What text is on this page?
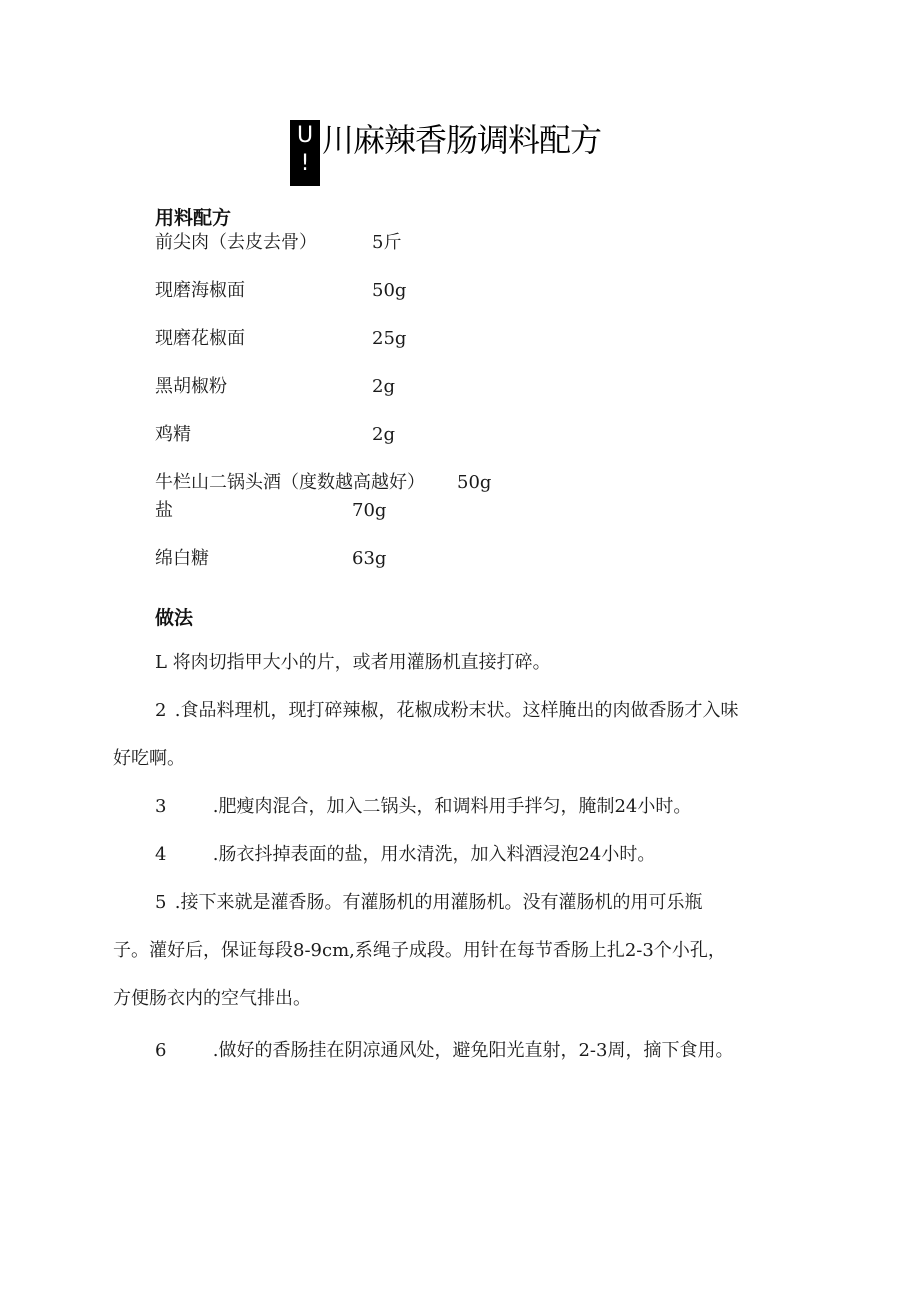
U
!
川麻辣香肠调料配方
用料配方
前尖肉（去皮去骨）	5斤
现磨海椒面	50g
现磨花椒面	25g
黑胡椒粉	2g
鸡精	2g
牛栏山二锅头酒（度数越高越好） 50g
盐	70g
绵白糖	63g
做法
L 将肉切指甲大小的片，或者用灌肠机直接打碎。
2 .食品料理机，现打碎辣椒，花椒成粉末状。这样腌出的肉做香肠才入味
好吃啊。
3	.肥瘦肉混合，加入二锅头，和调料用手拌匀，腌制24小时。
4	.肠衣抖掉表面的盐，用水清洗，加入料酒浸泡24小时。
5 .接下来就是灌香肠。有灌肠机的用灌肠机。没有灌肠机的用可乐瓶
子。灌好后，保证每段8-9cm,系绳子成段。用针在每节香肠上扎2-3个小孔，
方便肠衣内的空气排出。
6	.做好的香肠挂在阴凉通风处，避免阳光直射，2-3周，摘下食用。
